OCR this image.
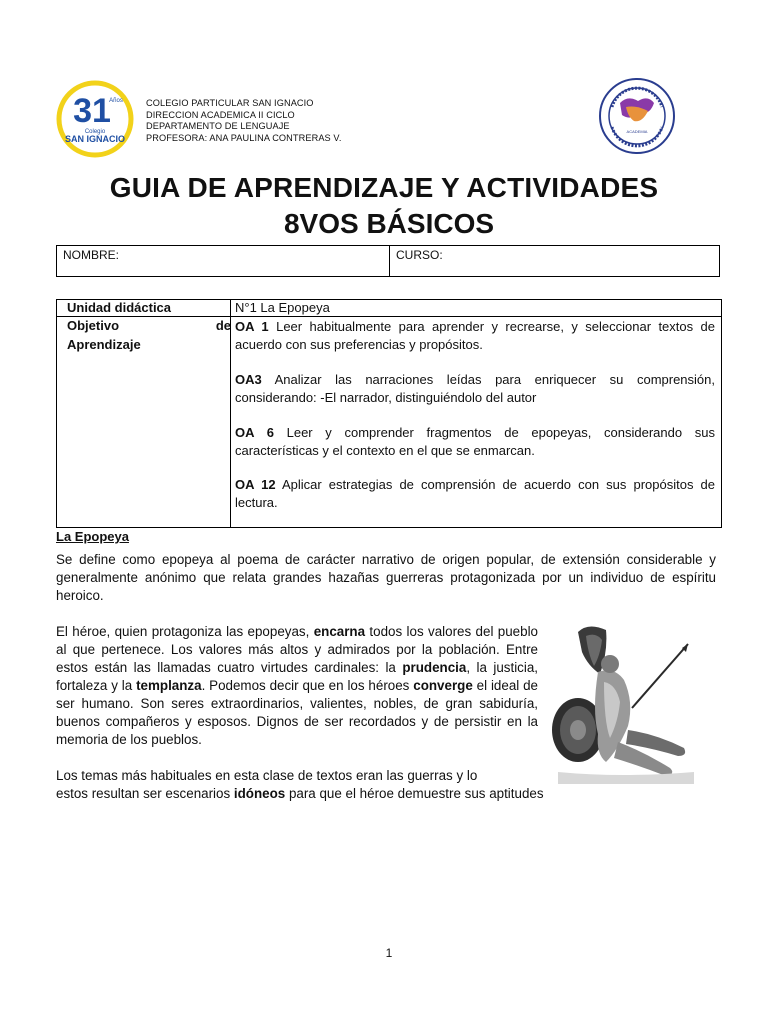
31
Años
Colegio
SAN IGNACIO
COLEGIO PARTICULAR SAN IGNACIO
DIRECCION ACADEMICA II CICLO
DEPARTAMENTO DE LENGUAJE
PROFESORA: ANA PAULINA CONTRERAS V.
ACADEMIA
GUIA DE APRENDIZAJE Y ACTIVIDADES
8VOS BÁSICOS
NOMBRE:	CURSO:
Unidad didáctica	N°1 La Epopeya
Objetivo de
Aprendizaje
OA 1 Leer habitualmente para aprender y recrearse, y seleccionar textos de acuerdo con sus preferencias y propósitos.
OA3 Analizar las narraciones leídas para enriquecer su comprensión, considerando: -El narrador, distinguiéndolo del autor
OA 6 Leer y comprender fragmentos de epopeyas, considerando sus características y el contexto en el que se enmarcan.
OA 12 Aplicar estrategias de comprensión de acuerdo con sus propósitos de lectura.
La Epopeya
Se define como epopeya al poema de carácter narrativo de origen popular, de extensión considerable y generalmente anónimo que relata grandes hazañas guerreras protagonizada por un individuo de espíritu heroico.
El héroe, quien protagoniza las epopeyas, encarna todos los valores del pueblo al que pertenece. Los valores más altos y admirados por la población. Entre estos están las llamadas cuatro virtudes cardinales: la prudencia, la justicia, fortaleza y la templanza. Podemos decir que en los héroes converge el ideal de ser humano. Son seres extraordinarios, valientes, nobles, de gran sabiduría, buenos compañeros y esposos. Dignos de ser recordados y de persistir en la memoria de los pueblos.
Los temas más habituales en esta clase de textos eran las guerras y lo
estos resultan ser escenarios idóneos para que el héroe demuestre sus aptitudes
1
